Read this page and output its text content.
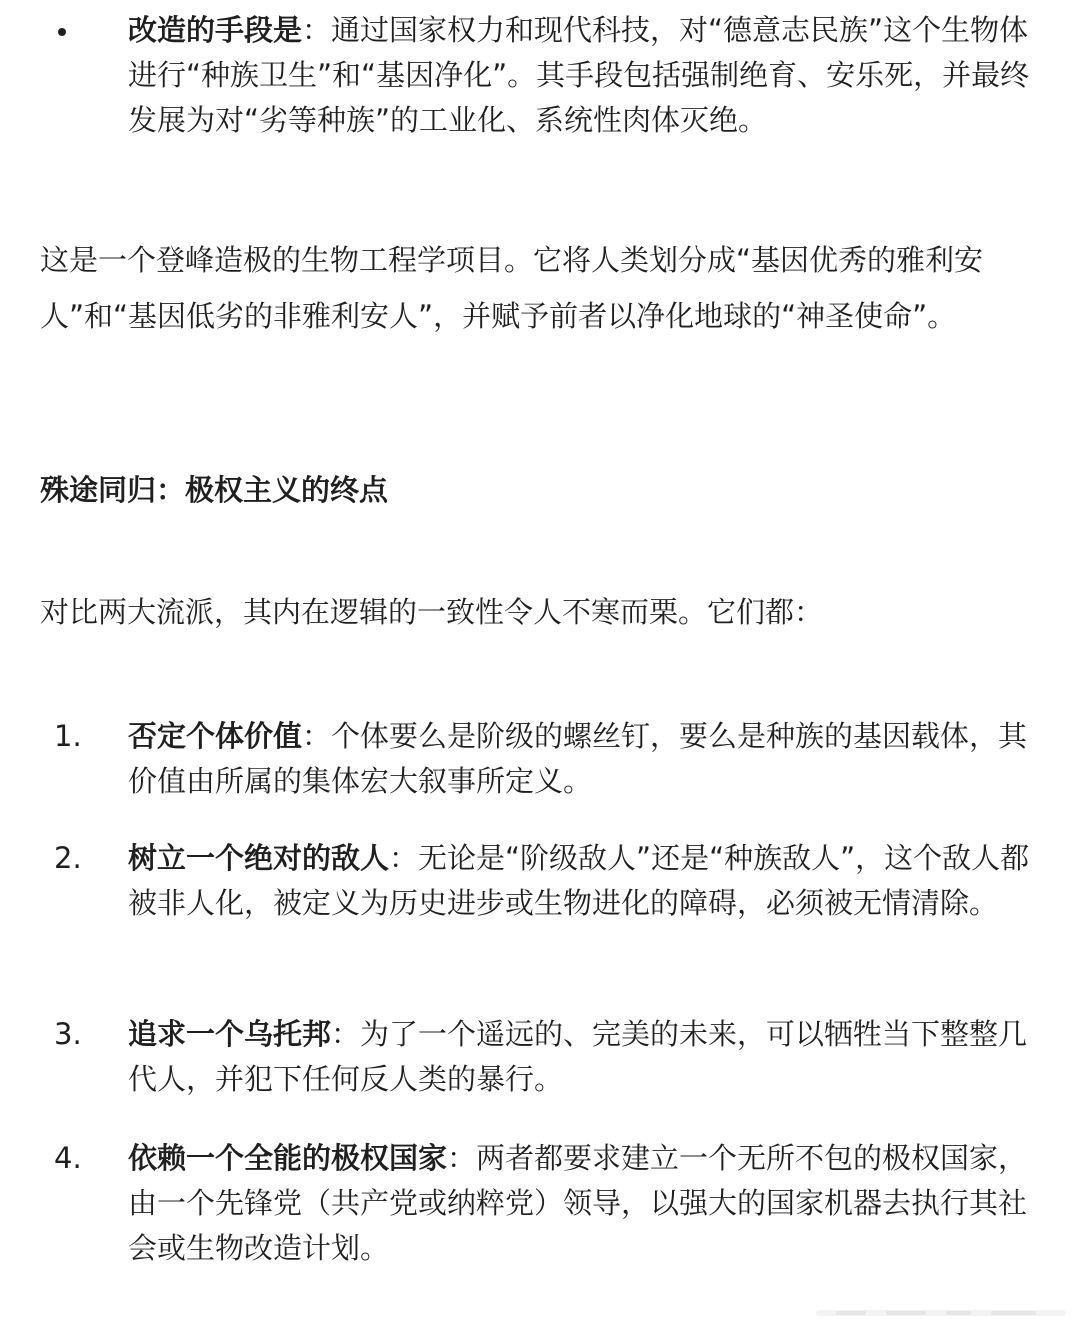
改造的手段是：通过国家权力和现代科技，对“德意志民族”这个生物体进行“种族卫生”和“基因净化”。其手段包括强制绝育、安乐死，并最终发展为对“劣等种族”的工业化、系统性肉体灭绝。
这是一个登峰造极的生物工程学项目。它将人类划分成“基因优秀的雅利安人”和“基因低劣的非雅利安人”，并赋予前者以净化地球的“神圣使命”。
殊途同归：极权主义的终点
对比两大流派，其内在逻辑的一致性令人不寒而栗。它们都：
1. 否定个体价值：个体要么是阶级的螺丝钉，要么是种族的基因载体，其价值由所属的集体宏大叙事所定义。
2. 树立一个绝对的敌人：无论是“阶级敌人”还是“种族敌人”，这个敌人都被非人化，被定义为历史进步或生物进化的障碍，必须被无情清除。
3. 追求一个乌托邦：为了一个遥远的、完美的未来，可以牺牲当下整整几代人，并犯下任何反人类的暴行。
4. 依赖一个全能的极权国家：两者都要求建立一个无所不包的极权国家，由一个先锋党（共产党或纳粹党）领导，以强大的国家机器去执行其社会或生物改造计划。
